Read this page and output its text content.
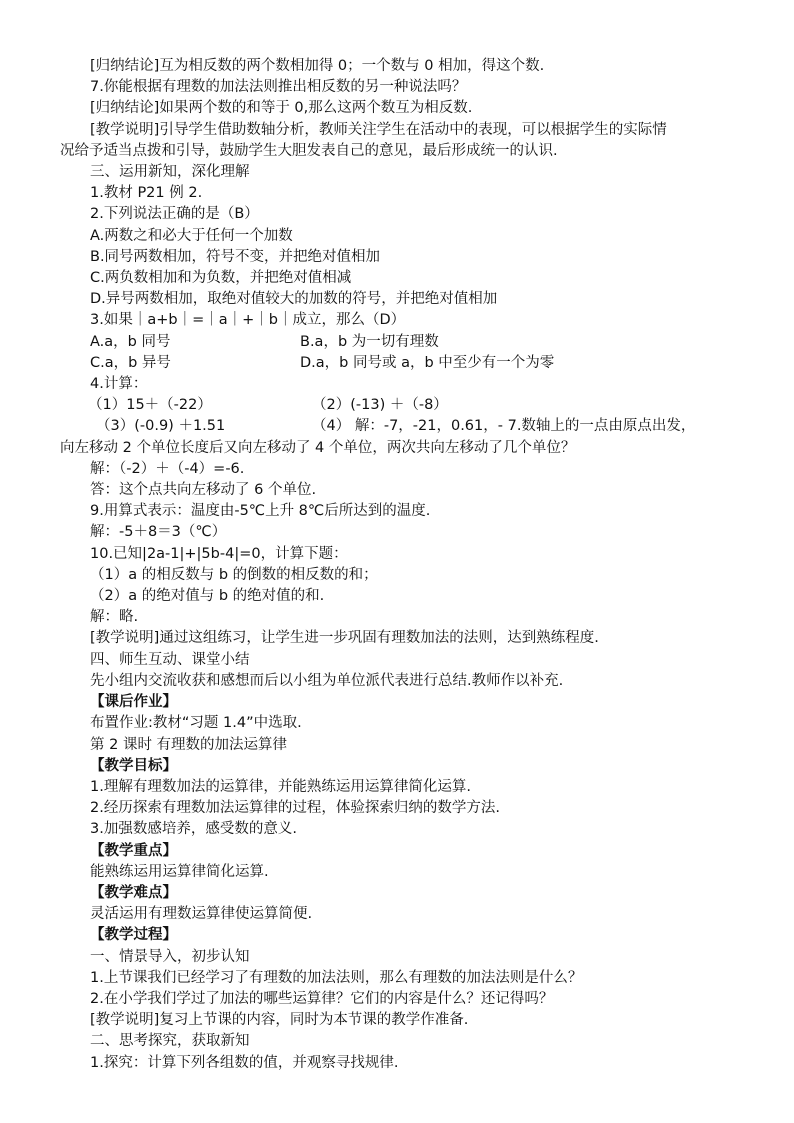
[归纳结论]互为相反数的两个数相加得 0；一个数与 0 相加，得这个数.

7.你能根据有理数的加法法则推出相反数的另一种说法吗？

[归纳结论]如果两个数的和等于 0,那么这两个数互为相反数.

[教学说明]引导学生借助数轴分析，教师关注学生在活动中的表现，可以根据学生的实际情

况给予适当点拨和引导，鼓励学生大胆发表自己的意见，最后形成统一的认识.

三、运用新知，深化理解

1.教材 P21 例 2.

2.下列说法正确的是（B）

A.两数之和必大于任何一个加数

B.同号两数相加，符号不变，并把绝对值相加

C.两负数相加和为负数，并把绝对值相减

D.异号两数相加，取绝对值较大的加数的符号，并把绝对值相加

3.如果｜a+b｜=｜a｜+｜b｜成立，那么（D）

A.a，b 同号	B.a，b 为一切有理数

C.a，b 异号	D.a，b 同号或 a，b 中至少有一个为零

4.计算：

（1）15＋（-22）	（2）(-13) ＋（-8）

（3）(-0.9) ＋1.51	（4） 解：-7，-21，0.61，- 7.数轴上的一点由原点出发，

向左移动 2 个单位长度后又向左移动了 4 个单位，两次共向左移动了几个单位？

解：（-2）＋（-4）=-6.

答：这个点共向左移动了 6 个单位.

9.用算式表示：温度由-5℃上升 8℃后所达到的温度.

解：-5＋8＝3（℃）

10.已知|2a-1|+|5b-4|=0，计算下题：

（1）a 的相反数与 b 的倒数的相反数的和；

（2）a 的绝对值与 b 的绝对值的和.

解：略.

[教学说明]通过这组练习，让学生进一步巩固有理数加法的法则，达到熟练程度.

四、师生互动、课堂小结

先小组内交流收获和感想而后以小组为单位派代表进行总结.教师作以补充.

【课后作业】

布置作业:教材“习题 1.4”中选取.

第 2 课时 有理数的加法运算律

【教学目标】

1.理解有理数加法的运算律，并能熟练运用运算律简化运算.

2.经历探索有理数加法运算律的过程，体验探索归纳的数学方法.

3.加强数感培养，感受数的意义.

【教学重点】

能熟练运用运算律简化运算.

【教学难点】

灵活运用有理数运算律使运算简便.

【教学过程】

一、情景导入，初步认知

1.上节课我们已经学习了有理数的加法法则，那么有理数的加法法则是什么？

2.在小学我们学过了加法的哪些运算律？它们的内容是什么？还记得吗？

[教学说明]复习上节课的内容，同时为本节课的教学作准备.

二、思考探究，获取新知

1.探究：计算下列各组数的值，并观察寻找规律.
